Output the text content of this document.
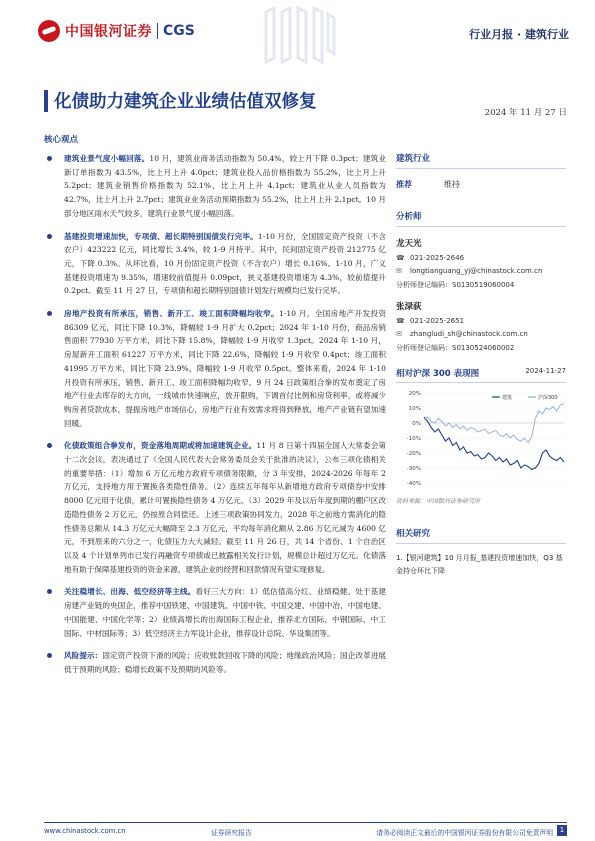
中国银河证券 CGS	行业月报 · 建筑行业
化债助力建筑企业业绩估值双修复
2024 年 11 月 27 日
核心观点
建筑业景气度小幅回落。10 月，建筑业商务活动指数为 50.4%，较上月下降 0.3pct；建筑业新订单指数为 43.5%，比上月上升 4.0pct；建筑业投入品价格指数为 55.2%，比上月上升 5.2pct；建筑业销售价格指数为 52.1%，比上月上升 4.1pct；建筑业从业人员指数为 42.7%，比上月上升 2.7pct；建筑业业务活动预期指数为 55.2%，比上月上升 2.1pct。10 月部分地区雨水天气较多，建筑行业景气度小幅回落。
基建投资增速加快，专项债、超长期特别国债发行完毕。1-10 月份，全国固定资产投资（不含农户）423222 亿元，同比增长 3.4%，较 1-9 月持平。其中，民间固定资产投资 212775 亿元，下降 0.3%。从环比看，10 月份固定资产投资（不含农户）增长 0.16%。1-10 月，广义基建投资增速为 9.35%，增速较前值提升 0.09pct，狭义基建投资增速为 4.3%，较前值提升 0.2pct。截至 11 月 27 日，专项债和超长期特别国债计划发行规模均已发行完毕。
房地产投资有所承压，销售、新开工、竣工面积降幅均收窄。1-10 月，全国房地产开发投资 86309 亿元，同比下降 10.3%，降幅较 1-9 月扩大 0.2pct；2024 年 1-10 月份，商品房销售面积 77930 万平方米，同比下降 15.8%，降幅较 1-9 月收窄 1.3pct。2024 年 1-10 月，房屋新开工面积 61227 万平方米，同比下降 22.6%，降幅较 1-9 月收窄 0.4pct；竣工面积 41995 万平方米，同比下降 23.9%，降幅较 1-9 月收窄 0.5pct。整体来看，2024 年 1-10 月投资有所承压，销售、新开工、竣工面积降幅均收窄。9 月 24 日政策组合拳的发布奠定了房地产行业去库存的大方向，一线城市快速响应，放开限购，下调首付比例和房贷利率，或将减少购房者贷款成本，提振房地产市场信心，房地产行业有效需求将得到释放，地产产业链有望加速回暖。
化债政策组合拳发布，资金落地周期或将加速建筑企业。11 月 8 日第十四届全国人大常委会第十二次会议，表决通过了《全国人民代表大会常务委员会关于批准的决议》，公布三项化债相关的重要举措：（1）增加 6 万亿元地方政府专项债务限额，分 3 年安排，2024-2026 年每年 2 万亿元，支持地方用于置换各类隐性债务。（2）连续五年每年从新增地方政府专项债券中安排 8000 亿元用于化债，累计可置换隐性债务 4 万亿元。（3）2029 年及以后年度到期的棚户区改造隐性债务 2 万亿元，仍按原合同偿还。上述三项政策协同发力，2028 年之前地方需消化的隐性债务总额从 14.3 万亿元大幅降至 2.3 万亿元，平均每年消化额从 2.86 万亿元减为 4600 亿元，不到原来的六分之一，化债压力大大减轻。截至 11 月 26 日，共 14 个省份、1 个自治区以及 4 个计划单列市已发行再融资专项债或已披露相关发行计划，规模总计超过万亿元。化债落地有助于保障基建投资的资金来源，建筑企业的经营和回款情况有望实现修复。
关注稳增长、出海、低空经济等主线。看好三大方向：1）低估值高分红、业绩稳健、处于基建房建产业链的央国企，推荐中国铁建、中国建筑、中国中铁、中国交建、中国中冶、中国电建、中国能建、中国化学等；2）业绩高增长的出海国际工程企业，推荐北方国际、中钢国际、中工国际、中材国际等；3）低空经济主力军设计企业，推荐设计总院、华设集团等。
风险提示：固定资产投资下滑的风险；应收账款回收下降的风险；地缘政治风险；国企改革进展低于预期的风险；稳增长政策不及预期的风险等。
建筑行业
推荐	维持
分析师
龙天光
☎ 021-2025-2646
✉	longtianguang_yj@chinastock.com.cn
分析师登记编码：S0130519060004
张渌荻
☎ 021-2025-2651
✉	zhangludi_sh@chinastock.com.cn
分析师登记编码：S0130524060002
相对沪深 300 表现图	2024-11-27
20%
10%
0%
-10%
-20%
-30%
-40%
建筑	沪深300
资料来源：中国银河证券研究所
相关研究
1.【银河建筑】10 月月报_基建投资增速加快，Q3 基金持仓环比下降
www.chinastock.com.cn	证券研究报告	请务必阅读正文最后的中国银河证券股份有限公司免责声明 1
